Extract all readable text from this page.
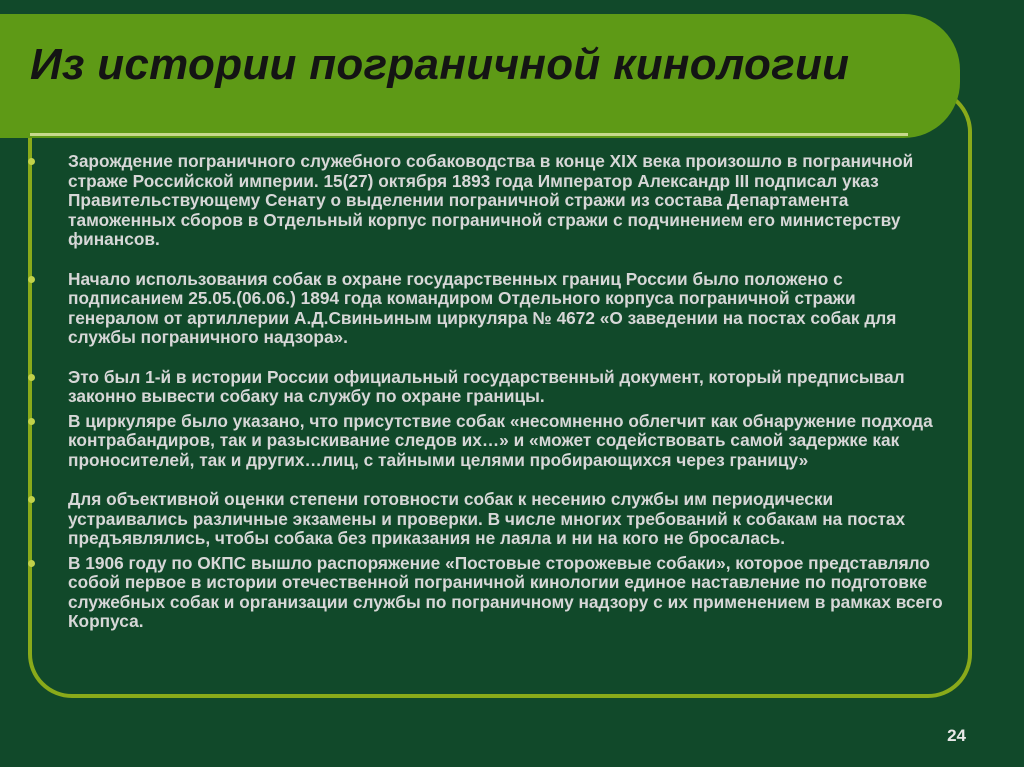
Из истории пограничной кинологии
Зарождение пограничного служебного собаководства в конце XIX века произошло в пограничной страже Российской империи. 15(27) октября 1893 года Император Александр III подписал указ Правительствующему Сенату о выделении пограничной стражи из состава Департамента таможенных сборов в Отдельный корпус пограничной стражи с подчинением его министерству финансов.
Начало использования собак в охране государственных границ России было положено с подписанием 25.05.(06.06.) 1894 года командиром Отдельного корпуса пограничной стражи генералом от артиллерии А.Д.Свиньиным циркуляра № 4672 «О заведении на постах собак для службы пограничного надзора».
Это был 1-й в истории России официальный государственный документ, который предписывал законно вывести собаку на службу по охране границы.
В циркуляре было указано, что присутствие собак «несомненно облегчит как обнаружение подхода контрабандиров, так и разыскивание следов их…» и «может содействовать самой задержке как проносителей, так и других…лиц, с тайными целями пробирающихся через границу»
Для объективной оценки степени готовности собак к несению службы им периодически устраивались различные экзамены и проверки. В числе многих требований к собакам на постах предъявлялись, чтобы собака без приказания не лаяла и ни на кого не бросалась.
В 1906 году по ОКПС вышло распоряжение «Постовые сторожевые собаки», которое представляло собой первое в истории отечественной пограничной кинологии единое наставление по подготовке служебных собак и организации службы по пограничному надзору с их применением в рамках всего Корпуса.
24
